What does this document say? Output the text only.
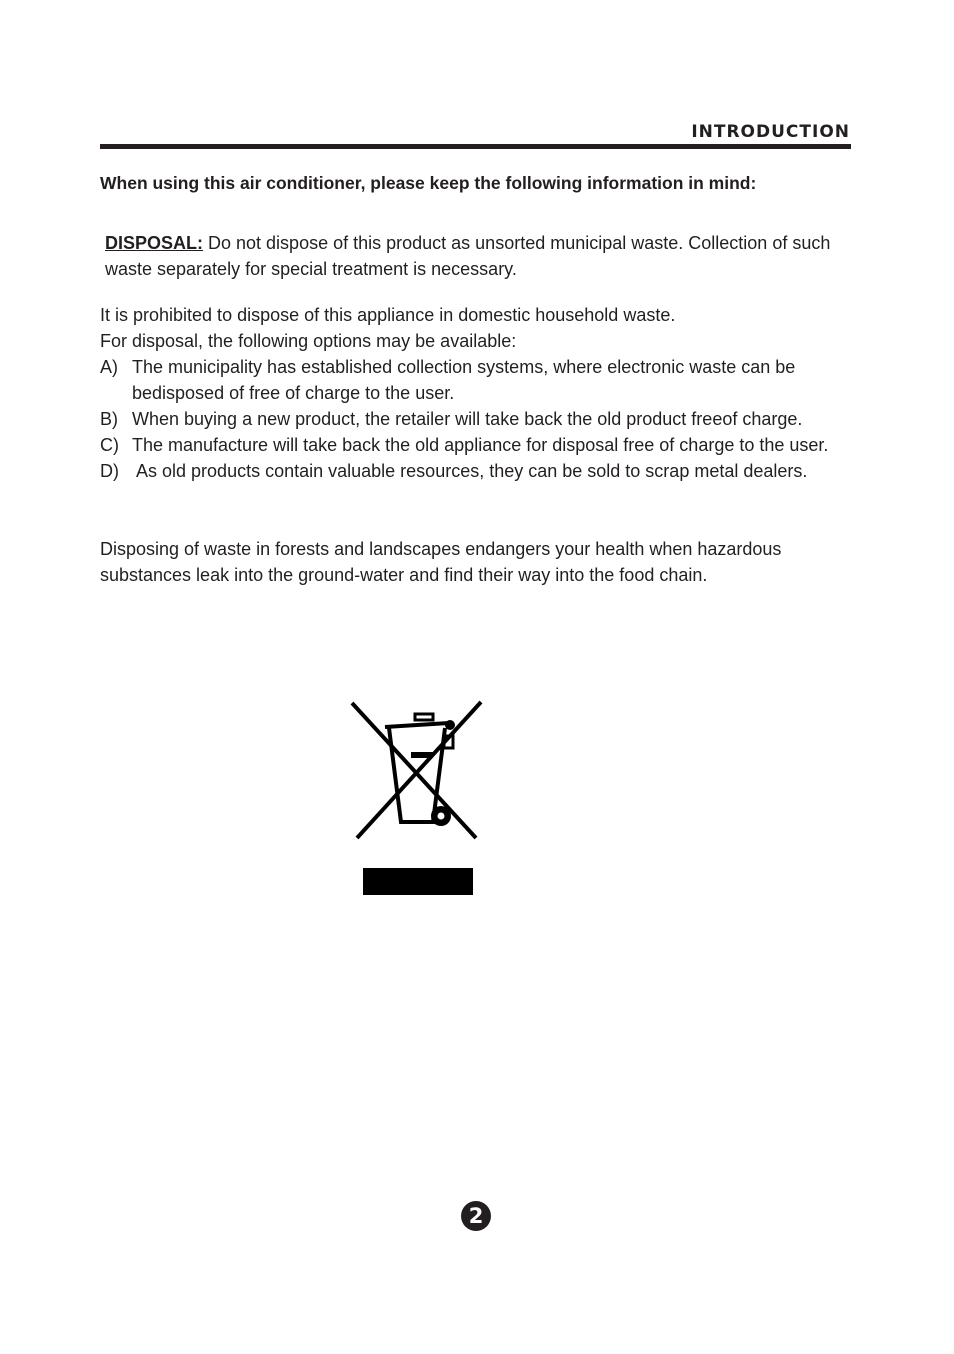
INTRODUCTION
When using this air conditioner, please keep the following information in mind:
DISPOSAL: Do not dispose of this product as unsorted municipal waste. Collection of such waste separately for special treatment is necessary.
It is prohibited to dispose of this appliance in domestic household waste.
For disposal, the following options may be available:
A) The municipality has established collection systems, where electronic waste can be bedisposed of free of charge to the user.
B) When buying a new product, the retailer will take back the old product freeof charge.
C) The manufacture will take back the old appliance for disposal free of charge to the user.
D) As old products contain valuable resources, they can be sold to scrap metal dealers.
Disposing of waste in forests and landscapes endangers your health when hazardous substances leak into the ground-water and find their way into the food chain.
2
